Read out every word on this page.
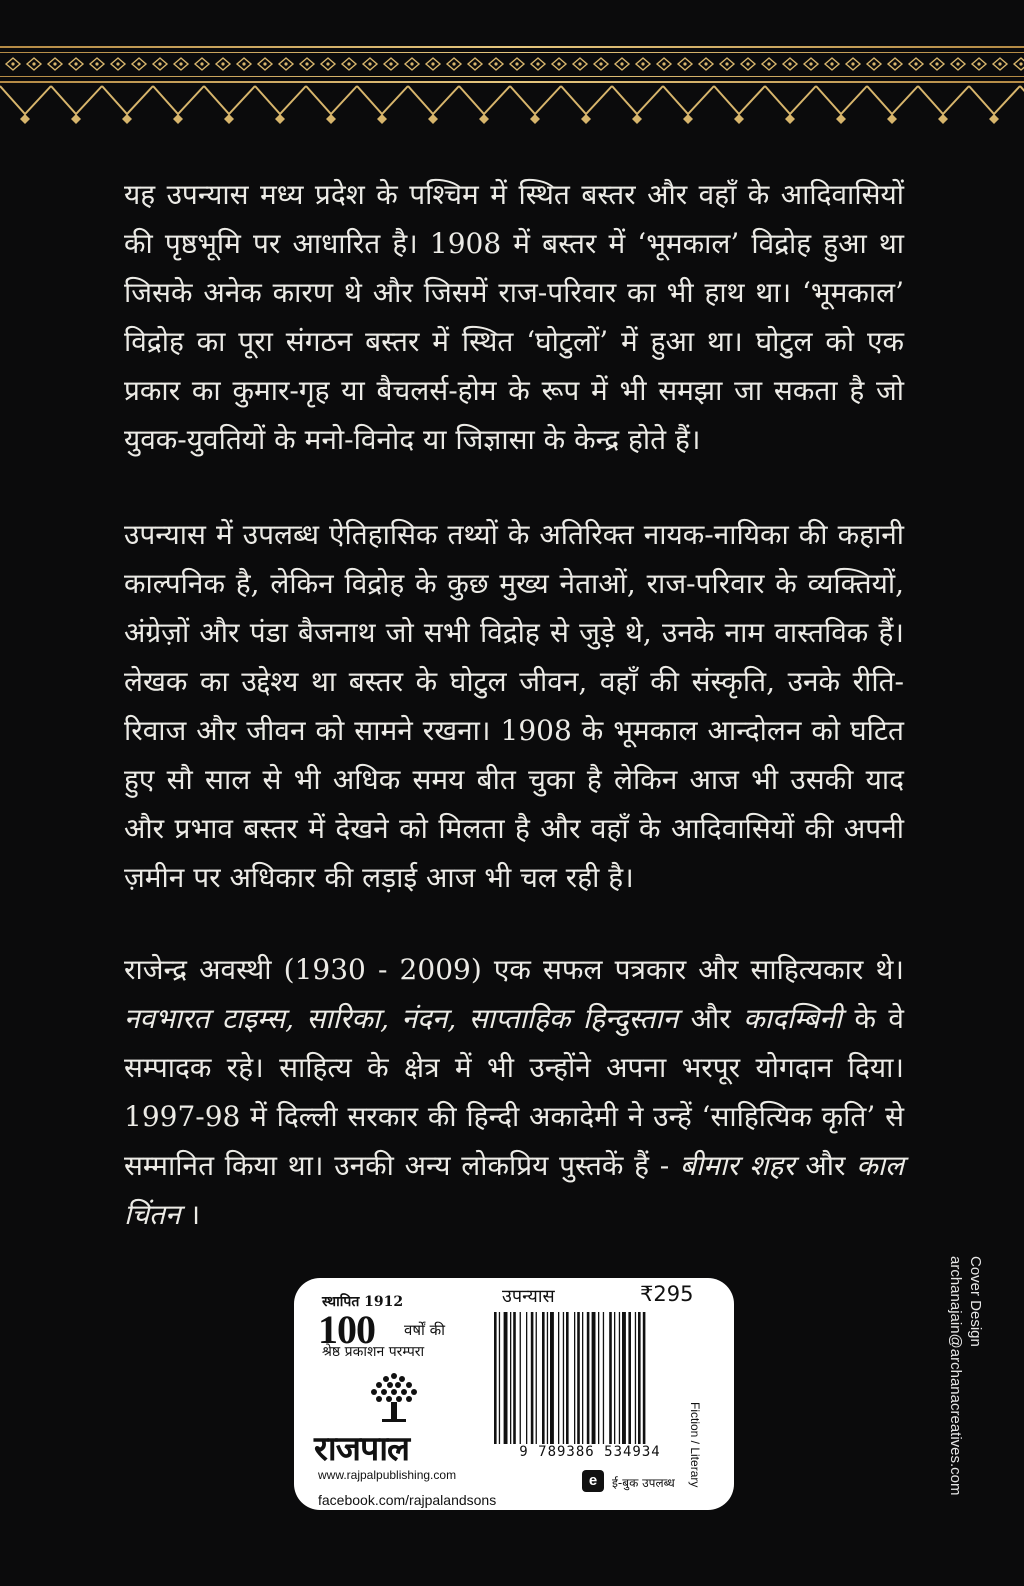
यह उपन्यास मध्य प्रदेश के पश्चिम में स्थित बस्तर और वहाँ के आदिवासियों की पृष्ठभूमि पर आधारित है। 1908 में बस्तर में ‘भूमकाल’ विद्रोह हुआ था जिसके अनेक कारण थे और जिसमें राज-परिवार का भी हाथ था। ‘भूमकाल’ विद्रोह का पूरा संगठन बस्तर में स्थित ‘घोटुलों’ में हुआ था। घोटुल को एक प्रकार का कुमार-गृह या बैचलर्स-होम के रूप में भी समझा जा सकता है जो युवक-युवतियों के मनो-विनोद या जिज्ञासा के केन्द्र होते हैं।

उपन्यास में उपलब्ध ऐतिहासिक तथ्यों के अतिरिक्त नायक-नायिका की कहानी काल्पनिक है, लेकिन विद्रोह के कुछ मुख्य नेताओं, राज-परिवार के व्यक्तियों, अंग्रेज़ों और पंडा बैजनाथ जो सभी विद्रोह से जुड़े थे, उनके नाम वास्तविक हैं। लेखक का उद्देश्य था बस्तर के घोटुल जीवन, वहाँ की संस्कृति, उनके रीति-रिवाज और जीवन को सामने रखना। 1908 के भूमकाल आन्दोलन को घटित हुए सौ साल से भी अधिक समय बीत चुका है लेकिन आज भी उसकी याद और प्रभाव बस्तर में देखने को मिलता है और वहाँ के आदिवासियों की अपनी ज़मीन पर अधिकार की लड़ाई आज भी चल रही है।

राजेन्द्र अवस्थी (1930 - 2009) एक सफल पत्रकार और साहित्यकार थे। नवभारत टाइम्स, सारिका, नंदन, साप्ताहिक हिन्दुस्तान और कादम्बिनी के वे सम्पादक रहे। साहित्य के क्षेत्र में भी उन्होंने अपना भरपूर योगदान दिया। 1997-98 में दिल्ली सरकार की हिन्दी अकादेमी ने उन्हें ‘साहित्यिक कृति’ से सम्मानित किया था। उनकी अन्य लोकप्रिय पुस्तकें हैं - बीमार शहर और काल चिंतन ।

स्थापित 1912
100 वर्षों की
श्रेष्ठ प्रकाशन परम्परा
राजपाल
www.rajpalpublishing.com
facebook.com/rajpalandsons
उपन्यास	₹295
9 789386 534934
e	ई-बुक उपलब्ध Fiction / Literary
Cover Design
archanajain@archanacreatives.com
